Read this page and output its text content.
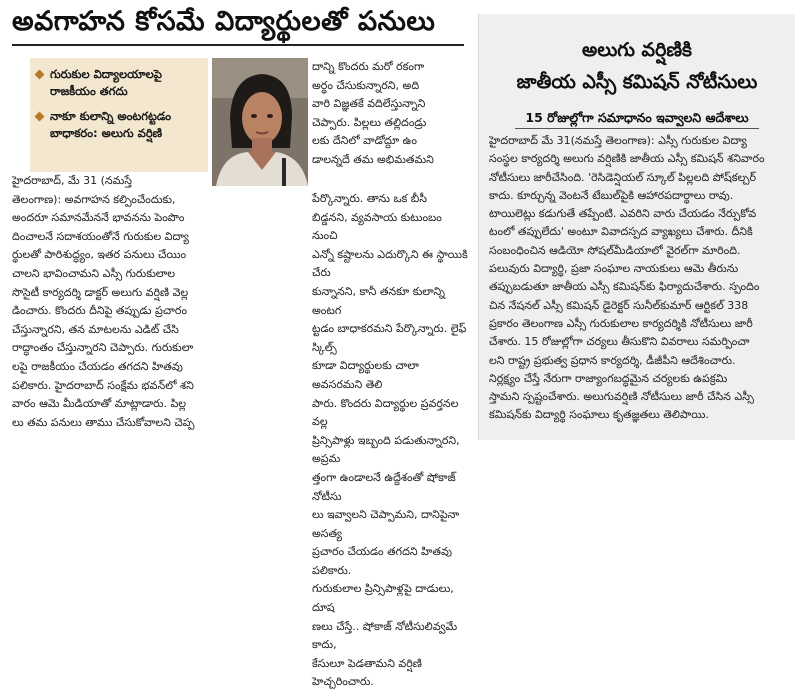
అవగాహన కోసమే విద్యార్థులతో పనులు
గురుకుల విద్యాలయాలపై
రాజకీయం తగదు
నాకూ కులాన్ని అంటగట్టడం
బాధాకరం: అలుగు వర్షిణి
దాన్ని కొందరు మరో రకంగా
అర్థం చేసుకున్నారని, అది
వారి విజ్ఞతకే వదిలేస్తున్నాని
చెప్పారు. పిల్లలు తల్లిదండ్రు
లకు దేనిలో వాడోద్దూ ఉం
డాలన్నదే తమ అభిమతమని
హైదరాబాద్, మే 31 (నమస్తే
తెలంగాణ): అవగాహన కల్పించేందుకు,
అందరూ సమానమేననే భావనను పెంపొం
దించాలనే సదాశయంతోనే గురుకుల విద్యా
ర్థులతో పారిశుద్ధ్యం, ఇతర పనులు చేయిం
చాలని భావించామని ఎస్సీ గురుకులాల
సొసైటీ కార్యదర్శి డాక్టర్ అలుగు వర్షిణి వెల్ల
డించారు. కొందరు దీనిపై తప్పుడు ప్రచారం
చేస్తున్నారని, తన మాటలను ఎడిట్ చేసి
రాద్ధాంతం చేస్తున్నారని చెప్పారు. గురుకులా
లపై రాజకీయం చేయడం తగదని హితవు
పలికారు. హైదరాబాద్ సంక్షేమ భవన్‌లో శని
వారం ఆమె మీడియాతో మాట్లాడారు. పిల్ల
లు తమ పనులు తాము చేసుకోవాలని చెప్ప
పేర్కొన్నారు. తాను ఒక బీసీ
బిడ్డనని, వ్యవసాయ కుటుంబం నుంచి
ఎన్నో కష్టాలను ఎదుర్కొని ఈ స్థాయికి చేరు
కున్నానని, కానీ తనకూ కులాన్ని అంటగ
ట్టడం బాధాకరమని పేర్కొన్నారు. లైఫ్ స్కిల్స్
కూడా విద్యార్థులకు చాలా అవసరమని తెలి
పారు. కొందరు విద్యార్థుల ప్రవర్తనల వల్ల
ప్రిన్సిపాళ్లు ఇబ్బంది పడుతున్నారని, అప్రమ
త్తంగా ఉండాలనే ఉద్దేశంతో షోకాజ్ నోటీసు
లు ఇవ్వాలని చెప్పామని, దానిపైనా అసత్య
ప్రచారం చేయడం తగదని హితవు పలికారు.
గురుకులాల ప్రిన్సిపాళ్లపై దాడులు, దూష
ణలు చేస్తే.. షోకాజ్ నోటీసులివ్వమే కాదు,
కేసులూ పెడతామని వర్షిణి హెచ్చరించారు.
అలుగు వర్షిణికి
జాతీయ ఎస్సీ కమిషన్ నోటీసులు
15 రోజుల్లోగా సమాధానం ఇవ్వాలని ఆదేశాలు
హైదరాబాద్ మే 31(నమస్తే తెలంగాణ): ఎస్సీ గురుకుల విద్యా
సంస్థల కార్యదర్శి అలుగు వర్షిణికి జాతీయ ఎస్సీ కమిషన్ శనివారం
నోటీసులు జారీచేసింది. 'రెసిడెన్షియల్ స్కూల్ పిల్లలది పోష్‌కల్చర్
కాదు. కూర్చున్న వెంటనే టేబుల్‌పైకి ఆహారపదార్థాలు రావు.
టాయిలెట్లు కడుగుతే తప్పేంటి. ఎవరిని వారు చేయడం నేర్పుకోవ
టంలో తప్పులేదు' అంటూ వివాదస్పద వ్యాఖ్యలు చేశారు. దీనికి
సంబంధించిన ఆడియో సోషల్‌మీడియాలో వైరల్‌గా మారింది.
పలువురు విద్యార్థి, ప్రజా సంఘాల నాయకులు ఆమె తీరును
తప్పుబడుతూ జాతీయ ఎస్సీ కమిషన్‌కు ఫిర్యాదుచేశారు. స్పందిం
చిన నేషనల్ ఎస్సీ కమిషన్ డైరెక్టర్ సునీల్‌కుమార్ ఆర్టికల్ 338
ప్రకారం తెలంగాణ ఎస్సీ గురుకులాల కార్యదర్శికి నోటీసులు జారీ
చేశారు. 15 రోజుల్లోగా చర్యలు తీసుకొని వివరాలు సమర్పించా
లని రాష్ట్ర ప్రభుత్వ ప్రధాన కార్యదర్శి, డీజీపీని ఆదేశించారు.
నిర్లక్ష్యం చేస్తే నేరుగా రాజ్యాంగబద్ధమైన చర్యలకు ఉపక్రమి
స్తామని స్పష్టంచేశారు. అలుగువర్షిణి నోటీసులు జారీ చేసిన ఎస్సీ
కమిషన్‌కు విద్యార్థి సంఘాలు కృతజ్ఞతలు తెలిపాయి.
